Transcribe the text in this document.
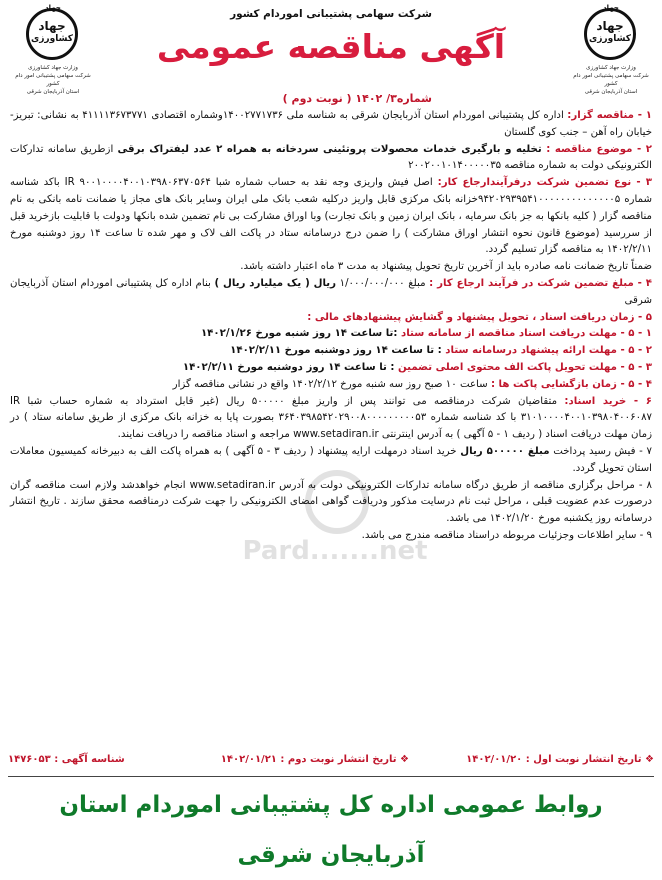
جهاد
جهاد
کشاورزی
وزارت جهاد کشاورزی
شرکت سهامی پشتیبانی امور دام کشور
استان آذربایجان شرقی
جهاد
جهاد
کشاورزی
وزارت جهاد کشاورزی
شرکت سهامی پشتیبانی امور دام کشور
استان آذربایجان شرقی
شرکت سهامی پشتیبانی اموردام کشور
آگهی مناقصه عمومی
شماره۳/ ۱۴۰۲ ( نوبت دوم )
Pard.......net

۱ - مناقصه گزار: اداره کل پشتیبانی اموردام استان آذربایجان شرقی به شناسه ملی ۱۴۰۰۲۷۷۱۷۳۶وشماره اقتصادی ۴۱۱۱۱۳۶۷۳۷۷۱ به نشانی: تبریز- خیابان راه آهن – جنب کوی گلستان

۲ - موضوع مناقصه : تخلیه و بارگیری خدمات محصولات پروتئینی سردخانه به همراه ۲ عدد لیفتراک برقی ازطریق سامانه تدارکات الکترونیکی دولت به شماره مناقصه ۲۰۰۲۰۰۱۰۱۴۰۰۰۰۰۳۵

۳ - نوع تضمین شرکت درفرآیندارجاع کار: اصل فیش واریزی وجه نقد به حساب شماره شبا IR ۹۰۰۱۰۰۰۰۴۰۰۱۰۳۹۸۰۶۳۷۰۵۶۴ باکد شناسه شماره ۹۴۲۰۲۹۳۹۵۴۱۰۰۰۰۰۰۰۰۰۰۰۰۰۰۵خزانه بانک مرکزی قابل واریز درکلیه شعب بانک ملی ایران وسایر بانک های مجاز یا ضمانت نامه بانکی به نام مناقصه گزار ( کلیه بانکها به جز بانک سرمایه ، بانک ایران زمین و بانک تجارت) وبا اوراق مشارکت بی نام تضمین شده بانکها ودولت با قابلیت بازخرید قبل از سررسید (موضوع قانون نحوه انتشار اوراق مشارکت ) را ضمن درج درسامانه ستاد در پاکت الف لاک و مهر شده تا ساعت ۱۴ روز دوشنبه مورخ ۱۴۰۲/۲/۱۱ به مناقصه گزار تسلیم گردد.

ضمناً تاریخ ضمانت نامه صادره باید از آخرین تاریخ تحویل پیشنهاد به مدت ۳ ماه اعتبار داشته باشد.

۴ - مبلغ تضمین شرکت در فرآیند ارجاع کار : مبلغ ۱/۰۰۰/۰۰۰/۰۰۰ ریال ( یک میلیارد ریال ) بنام اداره کل پشتیبانی اموردام استان آذربایجان شرقی

۵ - زمان دریافت اسناد ، تحویل پیشنهاد و گشایش پیشنهادهای مالی :

۱ - ۵ - مهلت دریافت اسناد مناقصه از سامانه ستاد :تا ساعت ۱۴ روز شنبه مورخ ۱۴۰۲/۱/۲۶

۲ - ۵ - مهلت ارائه پیشنهاد درسامانه ستاد : تا ساعت ۱۴ روز دوشنبه مورخ ۱۴۰۲/۲/۱۱

۳ - ۵ - مهلت تحویل پاکت الف محتوی اصلی تضمین : تا ساعت ۱۴ روز دوشنبه مورخ ۱۴۰۲/۲/۱۱

۴ - ۵ - زمان بازگشایی پاکت ها : ساعت ۱۰ صبح روز سه شنبه مورخ ۱۴۰۲/۲/۱۲ واقع در نشانی مناقصه گزار

۶ - خرید اسناد: متقاضیان شرکت درمناقصه می توانند پس از واریز مبلغ ۵۰۰۰۰۰ ریال (غیر قابل استرداد به شماره حساب شبا IR ۳۱۰۱۰۰۰۰۴۰۰۱۰۳۹۸۰۴۰۰۶۰۸۷ با کد شناسه شماره ۳۶۴۰۳۹۸۵۴۲۰۲۹۰۰۸۰۰۰۰۰۰۰۰۰۵۳ بصورت پایا به خزانه بانک مرکزی از طریق سامانه ستاد ) در زمان مهلت دریافت اسناد ( ردیف ۱ - ۵ آگهی ) به آدرس اینترنتی www.setadiran.ir مراجعه و اسناد مناقصه را دریافت نمایند.

۷ - فیش رسید پرداخت مبلغ ۵۰۰۰۰۰ ریال خرید اسناد درمهلت ارایه پیشنهاد ( ردیف ۳ - ۵ آگهی ) به همراه پاکت الف به دبیرخانه کمیسیون معاملات استان تحویل گردد.

۸ - مراحل برگزاری مناقصه از طریق درگاه سامانه تدارکات الکترونیکی دولت به آدرس www.setadiran.ir انجام خواهدشد ولازم است مناقصه گران درصورت عدم عضویت قبلی ، مراحل ثبت نام درسایت مذکور ودریافت گواهی امضای الکترونیکی را جهت شرکت درمناقصه محقق سازند . تاریخ انتشار درسامانه روز یکشنبه مورخ ۱۴۰۲/۱/۲۰ می باشد.

۹ - سایر اطلاعات وجزئیات مربوطه دراسناد مناقصه مندرج می باشد.

❖ تاریخ انتشار نوبت اول : ۱۴۰۲/۰۱/۲۰
❖ تاریخ انتشار نوبت دوم : ۱۴۰۲/۰۱/۲۱
شناسه آگهی : ۱۴۷۶۰۵۳
روابط عمومی اداره کل پشتیبانی اموردام استان آذربایجان شرقی
